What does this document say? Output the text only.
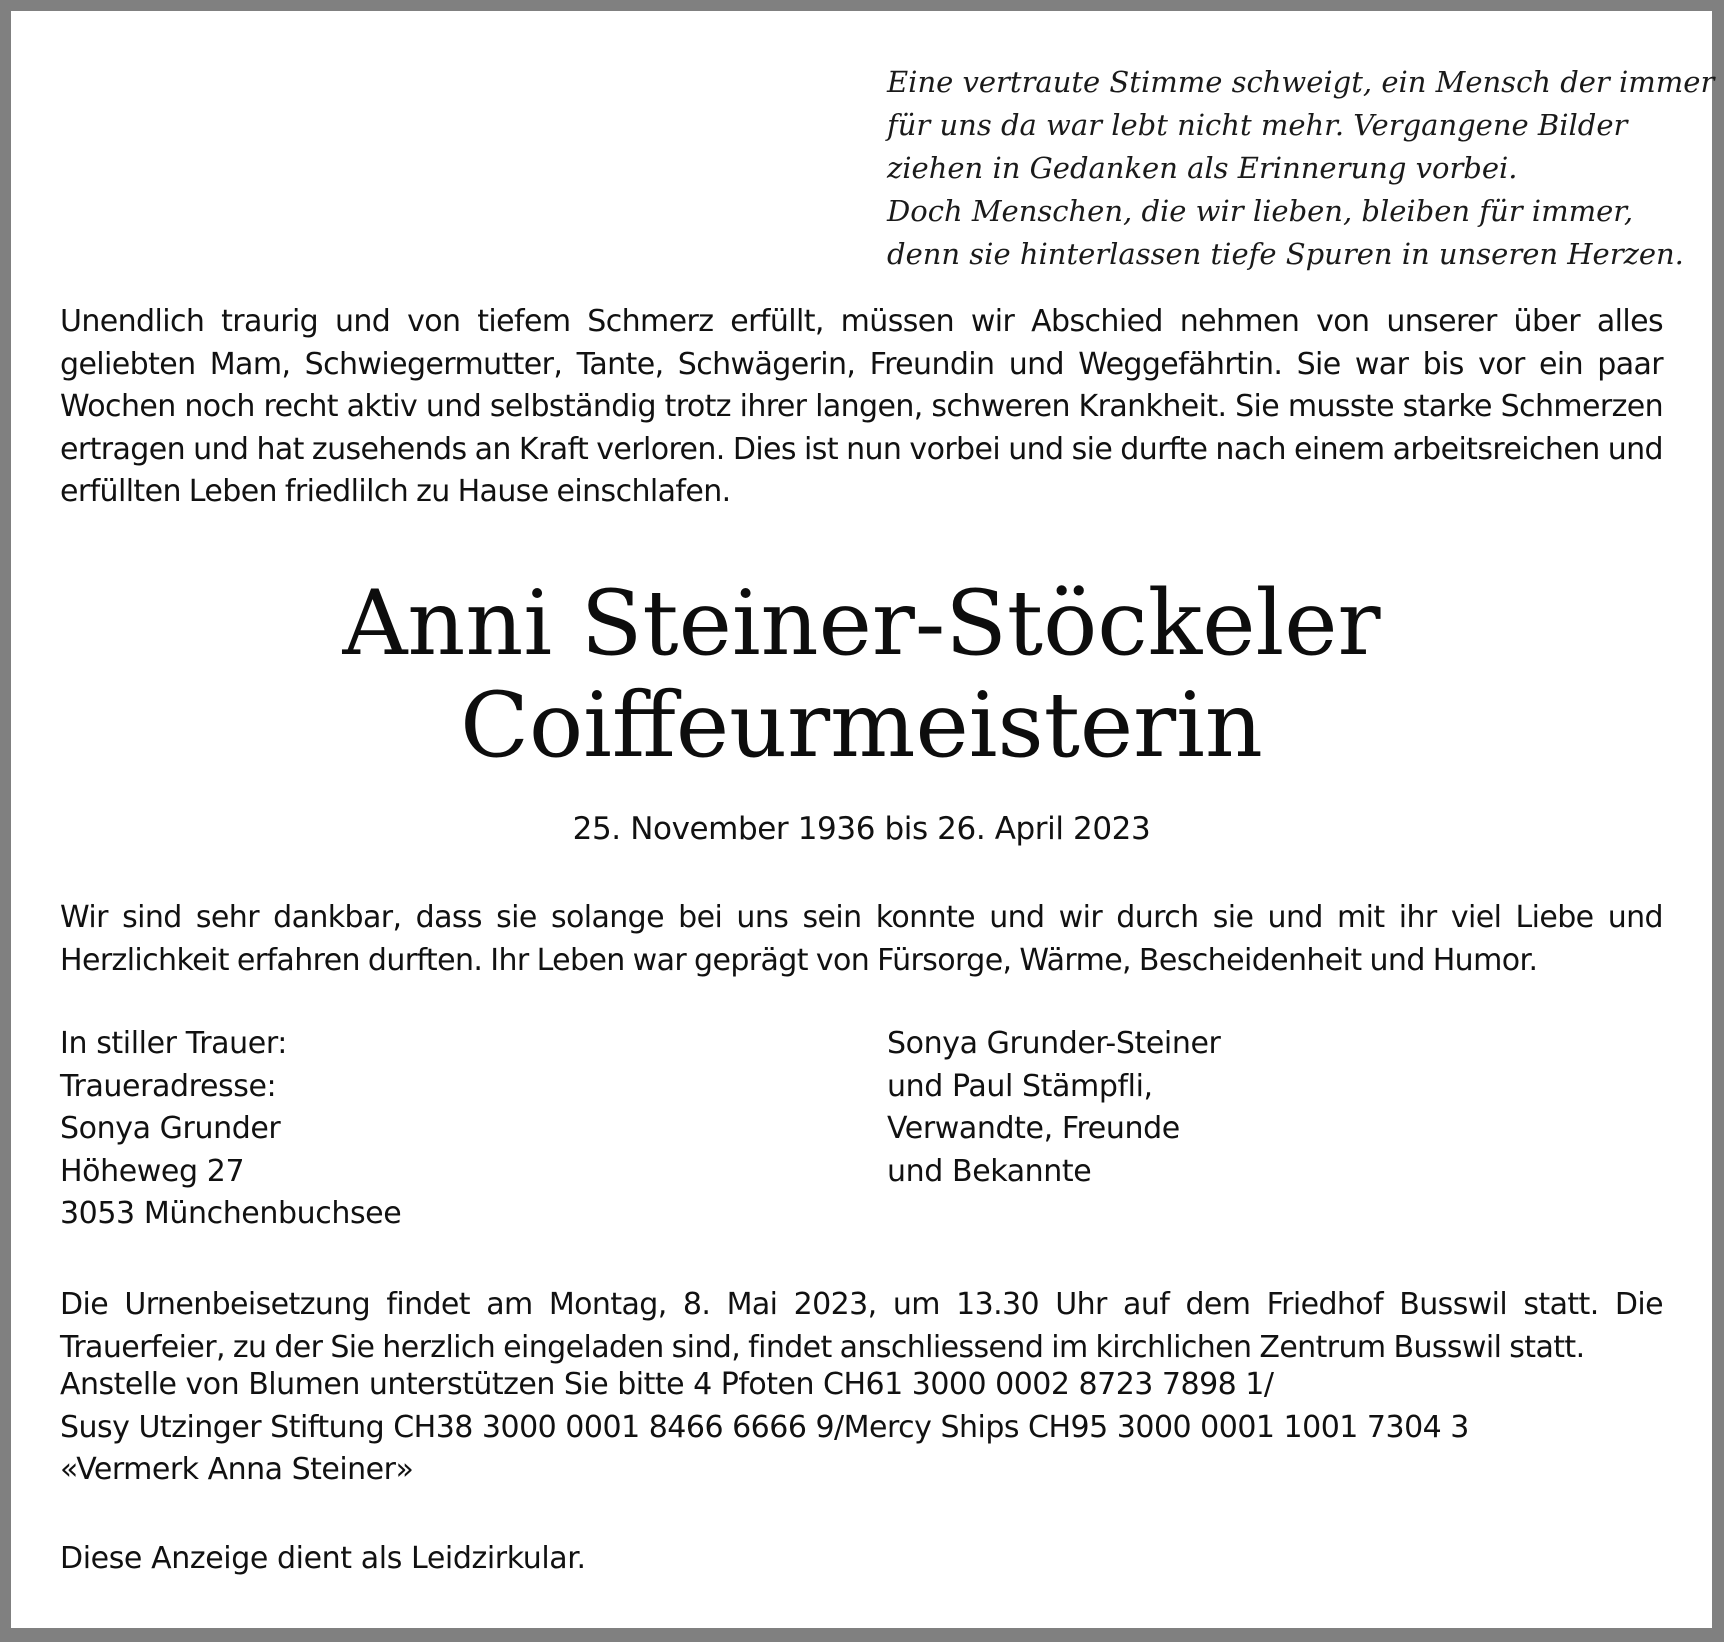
Eine vertraute Stimme schweigt, ein Mensch der immer
für uns da war lebt nicht mehr. Vergangene Bilder
ziehen in Gedanken als Erinnerung vorbei.
Doch Menschen, die wir lieben, bleiben für immer,
denn sie hinterlassen tiefe Spuren in unseren Herzen.
Unendlich traurig und von tiefem Schmerz erfüllt, müssen wir Abschied nehmen von unserer über alles geliebten Mam, Schwiegermutter, Tante, Schwägerin, Freundin und Weggefährtin. Sie war bis vor ein paar Wochen noch recht aktiv und selbständig trotz ihrer langen, schweren Krankheit. Sie musste starke Schmerzen ertragen und hat zusehends an Kraft verloren. Dies ist nun vorbei und sie durfte nach einem arbeitsreichen und erfüllten Leben friedlilch zu Hause einschlafen.
Anni Steiner-Stöckeler
Coiffeurmeisterin
25. November 1936 bis 26. April 2023
Wir sind sehr dankbar, dass sie solange bei uns sein konnte und wir durch sie und mit ihr viel Liebe und Herzlichkeit erfahren durften. Ihr Leben war geprägt von Fürsorge, Wärme, Bescheidenheit und Humor.
In stiller Trauer:
Traueradresse:
Sonya Grunder
Höheweg 27
3053 Münchenbuchsee
Sonya Grunder-Steiner
und Paul Stämpfli,
Verwandte, Freunde
und Bekannte
Die Urnenbeisetzung findet am Montag, 8. Mai 2023, um 13.30 Uhr auf dem Friedhof Busswil statt. Die Trauerfeier, zu der Sie herzlich eingeladen sind, findet anschliessend im kirchlichen Zentrum Busswil statt.
Anstelle von Blumen unterstützen Sie bitte 4 Pfoten CH61 3000 0002 8723 7898 1/
Susy Utzinger Stiftung CH38 3000 0001 8466 6666 9/Mercy Ships CH95 3000 0001 1001 7304 3
«Vermerk Anna Steiner»
Diese Anzeige dient als Leidzirkular.
